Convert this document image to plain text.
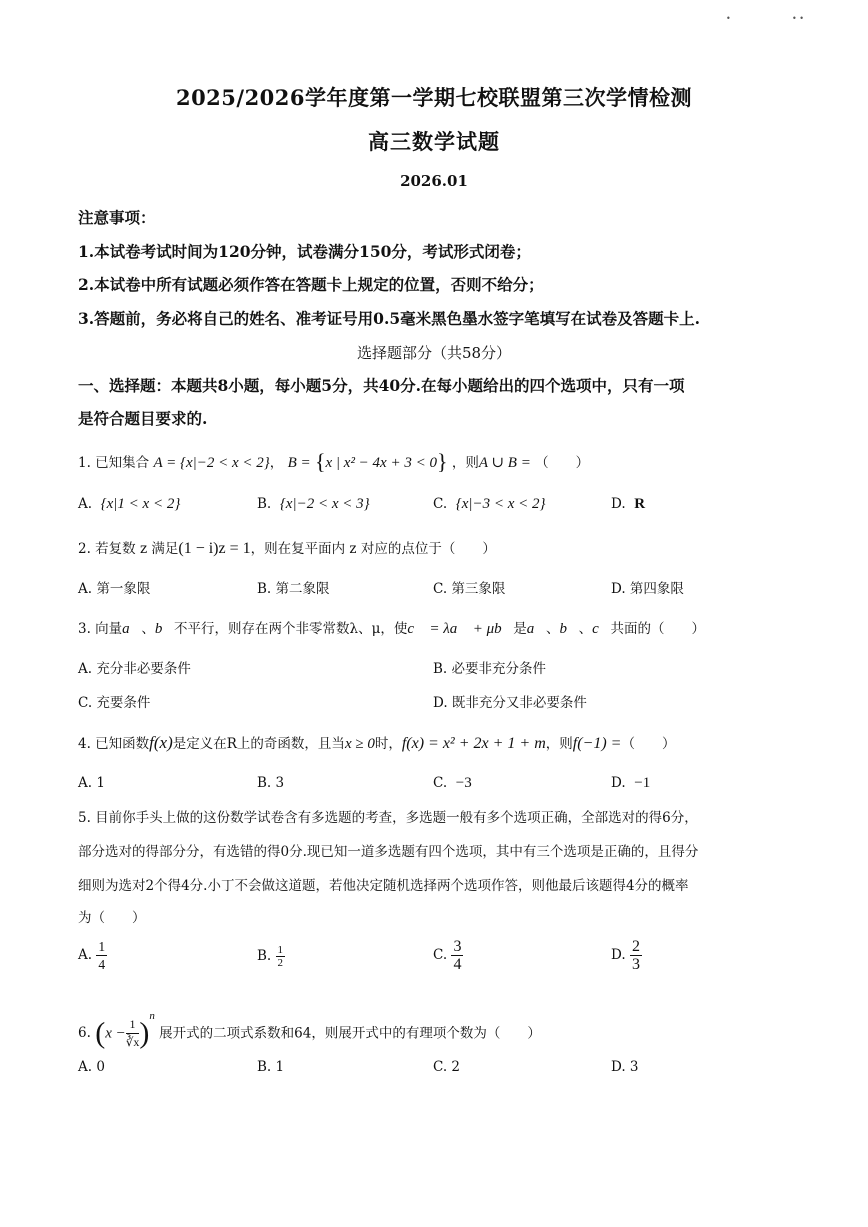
•	• •
2025/2026学年度第一学期七校联盟第三次学情检测
高三数学试题
2026.01
注意事项：
1.本试卷考试时间为120分钟，试卷满分150分，考试形式闭卷；
2.本试卷中所有试题必须作答在答题卡上规定的位置，否则不给分；
3.答题前，务必将自己的姓名、准考证号用0.5毫米黑色墨水签字笔填写在试卷及答题卡上.
选择题部分（共58分）
一、选择题：本题共8小题，每小题5分，共40分.在每小题给出的四个选项中，只有一项
是符合题目要求的.
1. 已知集合 A = {x|−2 < x < 2}， B = {x | x² − 4x + 3 < 0} ，则A ∪ B = （　　）
A. {x|1 < x < 2}	B. {x|−2 < x < 3}	C. {x|−3 < x < 2}	D. R
2. 若复数 z 满足(1 − i)z = 1，则在复平面内 z 对应的点位于（　　）
A. 第一象限	B. 第二象限	C. 第三象限	D. 第四象限
3. 向量a⃗、b⃗不平行，则存在两个非零常数λ、μ，使c⃗ = λa⃗ + μb⃗是a⃗、b⃗、c⃗共面的（　　）
A. 充分非必要条件	B. 必要非充分条件
C. 充要条件	D. 既非充分又非必要条件
4. 已知函数f(x)是定义在R上的奇函数，且当x ≥ 0时，f(x) = x² + 2x + 1 + m，则f(−1) =（　　）
A. 1	B. 3	C. −3	D. −1
5. 目前你手头上做的这份数学试卷含有多选题的考查，多选题一般有多个选项正确，全部选对的得6分，
部分选对的得部分分，有选错的得0分.现已知一道多选题有四个选项，其中有三个选项是正确的，且得分
细则为选对2个得4分.小丁不会做这道题，若他决定随机选择两个选项作答，则他最后该题得4分的概率
为（　　）
A. $\frac{1}{4}$	B. $\frac{1}{2}$	C. $\frac{3}{4}$	D. $\frac{2}{3}$
6. $(x - \frac{1}{∛x} )^n$ 展开式的二项式系数和64，则展开式中的有理项个数为（　　）
A. 0	B. 1	C. 2	D. 3
